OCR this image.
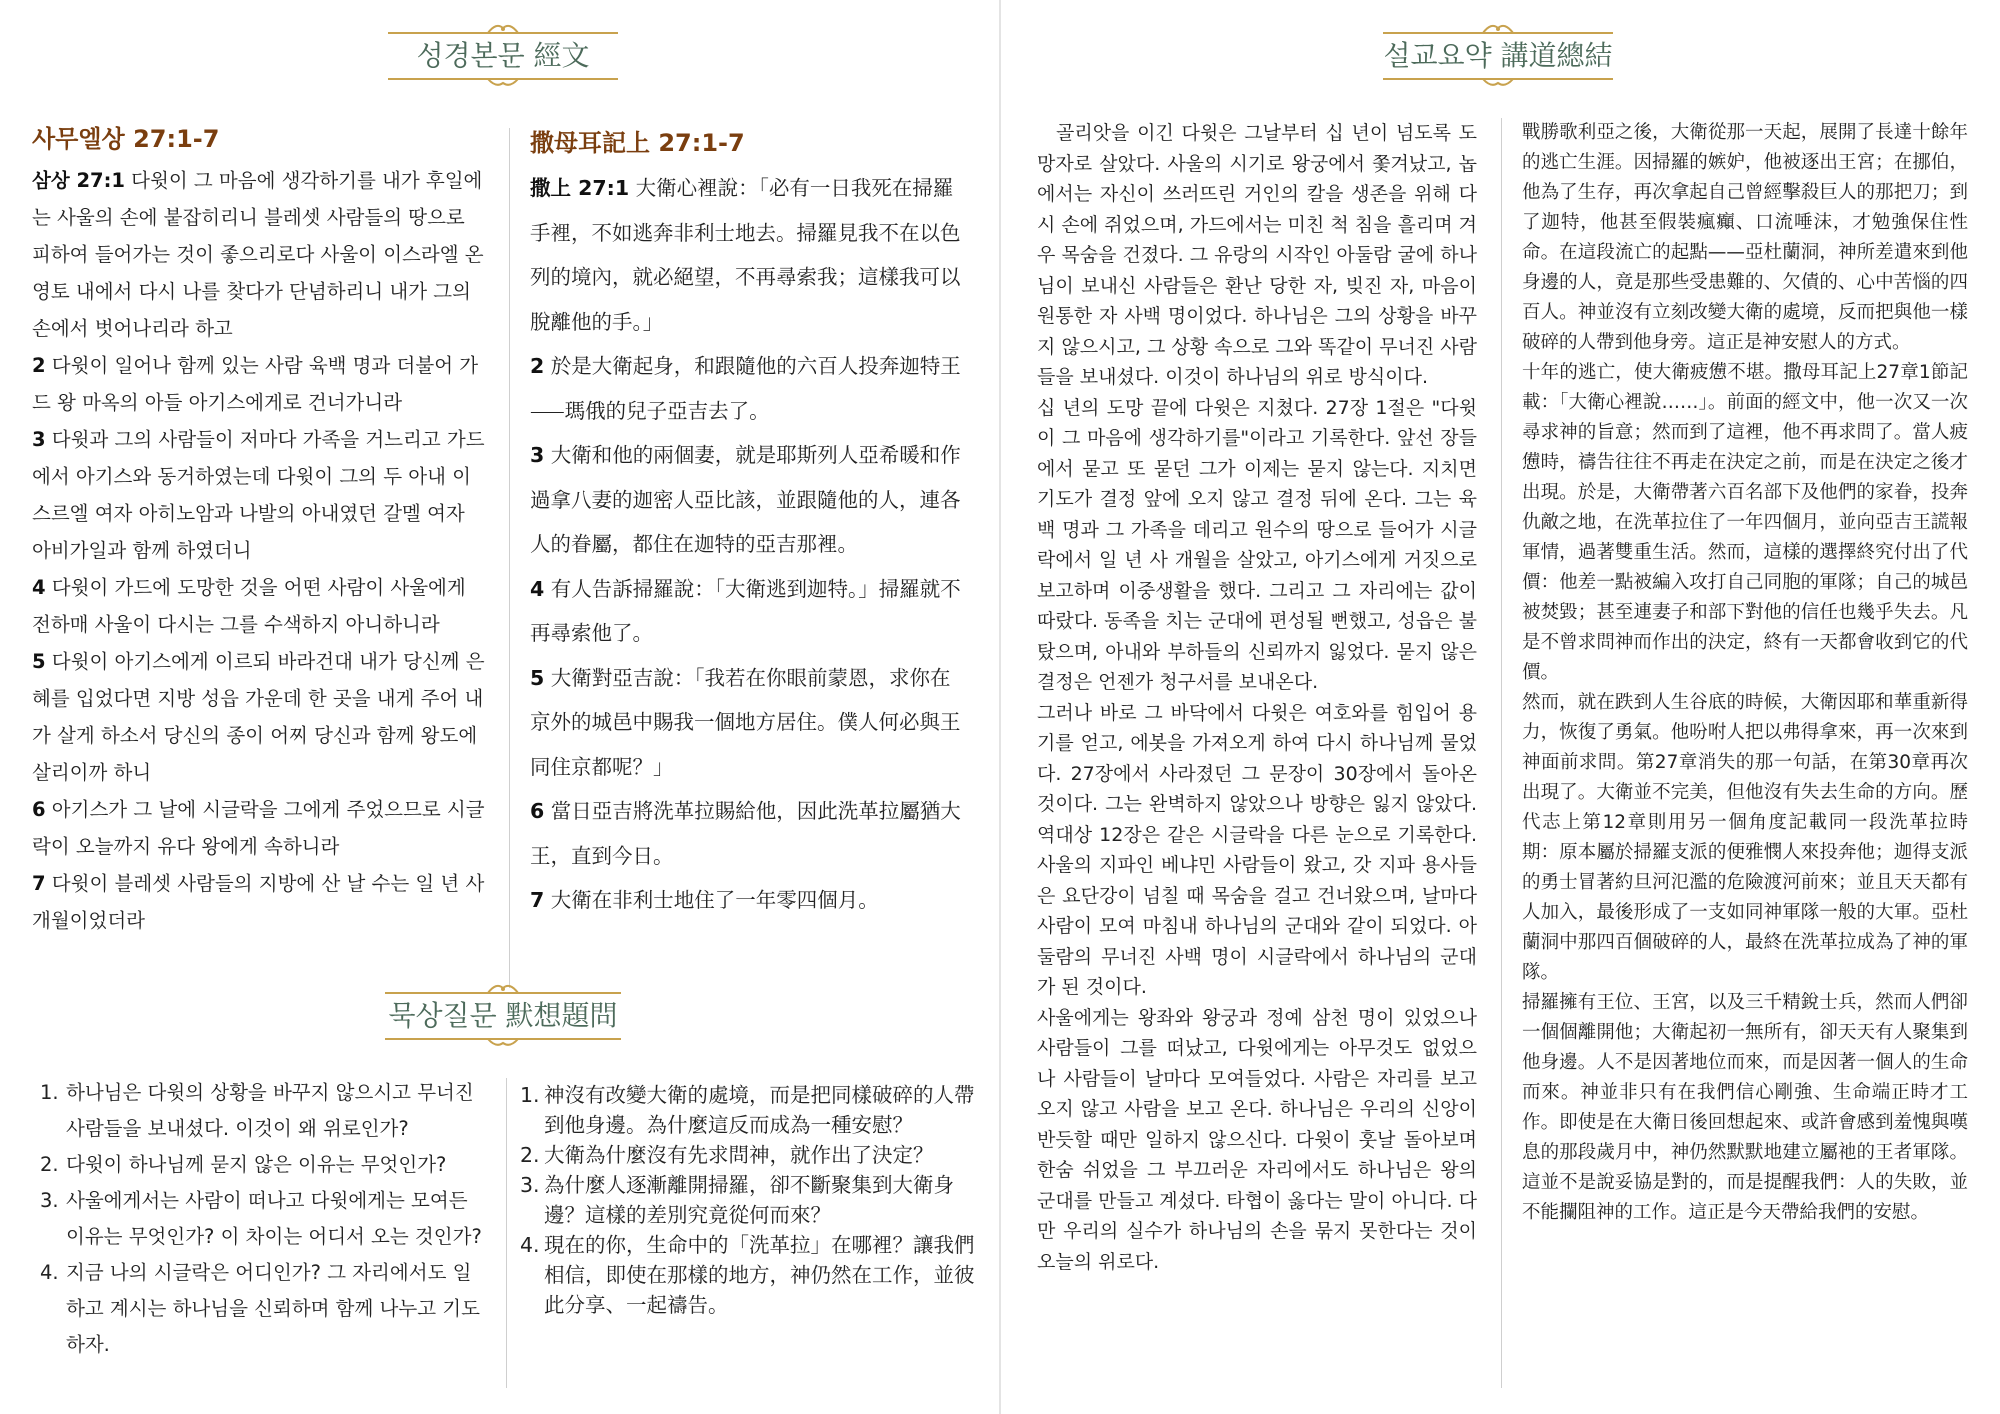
성경본문 經文	설교요약 講道總結
사무엘상 27:1-7

삼상 27:1 다윗이 그 마음에 생각하기를 내가 후일에는 사울의 손에 붙잡히리니 블레셋 사람들의 땅으로 피하여 들어가는 것이 좋으리로다 사울이 이스라엘 온 영토 내에서 다시 나를 찾다가 단념하리니 내가 그의 손에서 벗어나리라 하고

2 다윗이 일어나 함께 있는 사람 육백 명과 더불어 가드 왕 마옥의 아들 아기스에게로 건너가니라

3 다윗과 그의 사람들이 저마다 가족을 거느리고 가드에서 아기스와 동거하였는데 다윗이 그의 두 아내 이스르엘 여자 아히노암과 나발의 아내였던 갈멜 여자 아비가일과 함께 하였더니

4 다윗이 가드에 도망한 것을 어떤 사람이 사울에게 전하매 사울이 다시는 그를 수색하지 아니하니라

5 다윗이 아기스에게 이르되 바라건대 내가 당신께 은혜를 입었다면 지방 성읍 가운데 한 곳을 내게 주어 내가 살게 하소서 당신의 종이 어찌 당신과 함께 왕도에 살리이까 하니

6 아기스가 그 날에 시글락을 그에게 주었으므로 시글락이 오늘까지 유다 왕에게 속하니라

7 다윗이 블레셋 사람들의 지방에 산 날 수는 일 년 사 개월이었더라

撒母耳記上 27:1-7

撒上 27:1 大衛心裡說：「必有一日我死在掃羅手裡，不如逃奔非利士地去。掃羅見我不在以色列的境內，就必絕望，不再尋索我；這樣我可以脫離他的手。」

2 於是大衛起身，和跟隨他的六百人投奔迦特王⸺瑪俄的兒子亞吉去了。

3 大衛和他的兩個妻，就是耶斯列人亞希暖和作過拿八妻的迦密人亞比該，並跟隨他的人，連各人的眷屬，都住在迦特的亞吉那裡。

4 有人告訴掃羅說：「大衛逃到迦特。」掃羅就不再尋索他了。

5 大衛對亞吉說：「我若在你眼前蒙恩，求你在京外的城邑中賜我一個地方居住。僕人何必與王同住京都呢？」

6 當日亞吉將洗革拉賜給他，因此洗革拉屬猶大王，直到今日。

7 大衛在非利士地住了一年零四個月。

묵상질문 默想題問
1. 하나님은 다윗의 상황을 바꾸지 않으시고 무너진 사람들을 보내셨다. 이것이 왜 위로인가?
2. 다윗이 하나님께 묻지 않은 이유는 무엇인가?
3. 사울에게서는 사람이 떠나고 다윗에게는 모여든 이유는 무엇인가? 이 차이는 어디서 오는 것인가?
4. 지금 나의 시글락은 어디인가? 그 자리에서도 일하고 계시는 하나님을 신뢰하며 함께 나누고 기도하자.
1. 神沒有改變大衛的處境，而是把同樣破碎的人帶到他身邊。為什麼這反而成為一種安慰？
2. 大衛為什麼沒有先求問神，就作出了決定？
3. 為什麼人逐漸離開掃羅，卻不斷聚集到大衛身邊？這樣的差別究竟從何而來？
4. 現在的你，生命中的「洗革拉」在哪裡？讓我們相信，即使在那樣的地方，神仍然在工作，並彼此分享、一起禱告。

골리앗을 이긴 다윗은 그날부터 십 년이 넘도록 도망자로 살았다. 사울의 시기로 왕궁에서 쫓겨났고, 놉에서는 자신이 쓰러뜨린 거인의 칼을 생존을 위해 다시 손에 쥐었으며, 가드에서는 미친 척 침을 흘리며 겨우 목숨을 건졌다. 그 유랑의 시작인 아둘람 굴에 하나님이 보내신 사람들은 환난 당한 자, 빚진 자, 마음이 원통한 자 사백 명이었다. 하나님은 그의 상황을 바꾸지 않으시고, 그 상황 속으로 그와 똑같이 무너진 사람들을 보내셨다. 이것이 하나님의 위로 방식이다.

십 년의 도망 끝에 다윗은 지쳤다. 27장 1절은 "다윗이 그 마음에 생각하기를"이라고 기록한다. 앞선 장들에서 묻고 또 묻던 그가 이제는 묻지 않는다. 지치면 기도가 결정 앞에 오지 않고 결정 뒤에 온다. 그는 육백 명과 그 가족을 데리고 원수의 땅으로 들어가 시글락에서 일 년 사 개월을 살았고, 아기스에게 거짓으로 보고하며 이중생활을 했다. 그리고 그 자리에는 값이 따랐다. 동족을 치는 군대에 편성될 뻔했고, 성읍은 불탔으며, 아내와 부하들의 신뢰까지 잃었다. 묻지 않은 결정은 언젠가 청구서를 보내온다.

그러나 바로 그 바닥에서 다윗은 여호와를 힘입어 용기를 얻고, 에봇을 가져오게 하여 다시 하나님께 물었다. 27장에서 사라졌던 그 문장이 30장에서 돌아온 것이다. 그는 완벽하지 않았으나 방향은 잃지 않았다. 역대상 12장은 같은 시글락을 다른 눈으로 기록한다. 사울의 지파인 베냐민 사람들이 왔고, 갓 지파 용사들은 요단강이 넘칠 때 목숨을 걸고 건너왔으며, 날마다 사람이 모여 마침내 하나님의 군대와 같이 되었다. 아둘람의 무너진 사백 명이 시글락에서 하나님의 군대가 된 것이다.

사울에게는 왕좌와 왕궁과 정예 삼천 명이 있었으나 사람들이 그를 떠났고, 다윗에게는 아무것도 없었으나 사람들이 날마다 모여들었다. 사람은 자리를 보고 오지 않고 사람을 보고 온다. 하나님은 우리의 신앙이 반듯할 때만 일하지 않으신다. 다윗이 훗날 돌아보며 한숨 쉬었을 그 부끄러운 자리에서도 하나님은 왕의 군대를 만들고 계셨다. 타협이 옳다는 말이 아니다. 다만 우리의 실수가 하나님의 손을 묶지 못한다는 것이 오늘의 위로다.

戰勝歌利亞之後，大衛從那一天起，展開了長達十餘年的逃亡生涯。因掃羅的嫉妒，他被逐出王宮；在挪伯，他為了生存，再次拿起自己曾經擊殺巨人的那把刀；到了迦特，他甚至假裝瘋癲、口流唾沫，才勉強保住性命。在這段流亡的起點——亞杜蘭洞，神所差遣來到他身邊的人，竟是那些受患難的、欠債的、心中苦惱的四百人。神並沒有立刻改變大衛的處境，反而把與他一樣破碎的人帶到他身旁。這正是神安慰人的方式。

十年的逃亡，使大衛疲憊不堪。撒母耳記上27章1節記載：「大衛心裡說……」。前面的經文中，他一次又一次尋求神的旨意；然而到了這裡，他不再求問了。當人疲憊時，禱告往往不再走在決定之前，而是在決定之後才出現。於是，大衛帶著六百名部下及他們的家眷，投奔仇敵之地，在洗革拉住了一年四個月，並向亞吉王謊報軍情，過著雙重生活。然而，這樣的選擇終究付出了代價：他差一點被編入攻打自己同胞的軍隊；自己的城邑被焚毀；甚至連妻子和部下對他的信任也幾乎失去。凡是不曾求問神而作出的決定，終有一天都會收到它的代價。

然而，就在跌到人生谷底的時候，大衛因耶和華重新得力，恢復了勇氣。他吩咐人把以弗得拿來，再一次來到神面前求問。第27章消失的那一句話，在第30章再次出現了。大衛並不完美，但他沒有失去生命的方向。歷代志上第12章則用另一個角度記載同一段洗革拉時期：原本屬於掃羅支派的便雅憫人來投奔他；迦得支派的勇士冒著約旦河氾濫的危險渡河前來；並且天天都有人加入，最後形成了一支如同神軍隊一般的大軍。亞杜蘭洞中那四百個破碎的人，最終在洗革拉成為了神的軍隊。

掃羅擁有王位、王宮，以及三千精銳士兵，然而人們卻一個個離開他；大衛起初一無所有，卻天天有人聚集到他身邊。人不是因著地位而來，而是因著一個人的生命而來。神並非只有在我們信心剛強、生命端正時才工作。即使是在大衛日後回想起來、或許會感到羞愧與嘆息的那段歲月中，神仍然默默地建立屬祂的王者軍隊。這並不是說妥協是對的，而是提醒我們：人的失敗，並不能攔阻神的工作。這正是今天帶給我們的安慰。
